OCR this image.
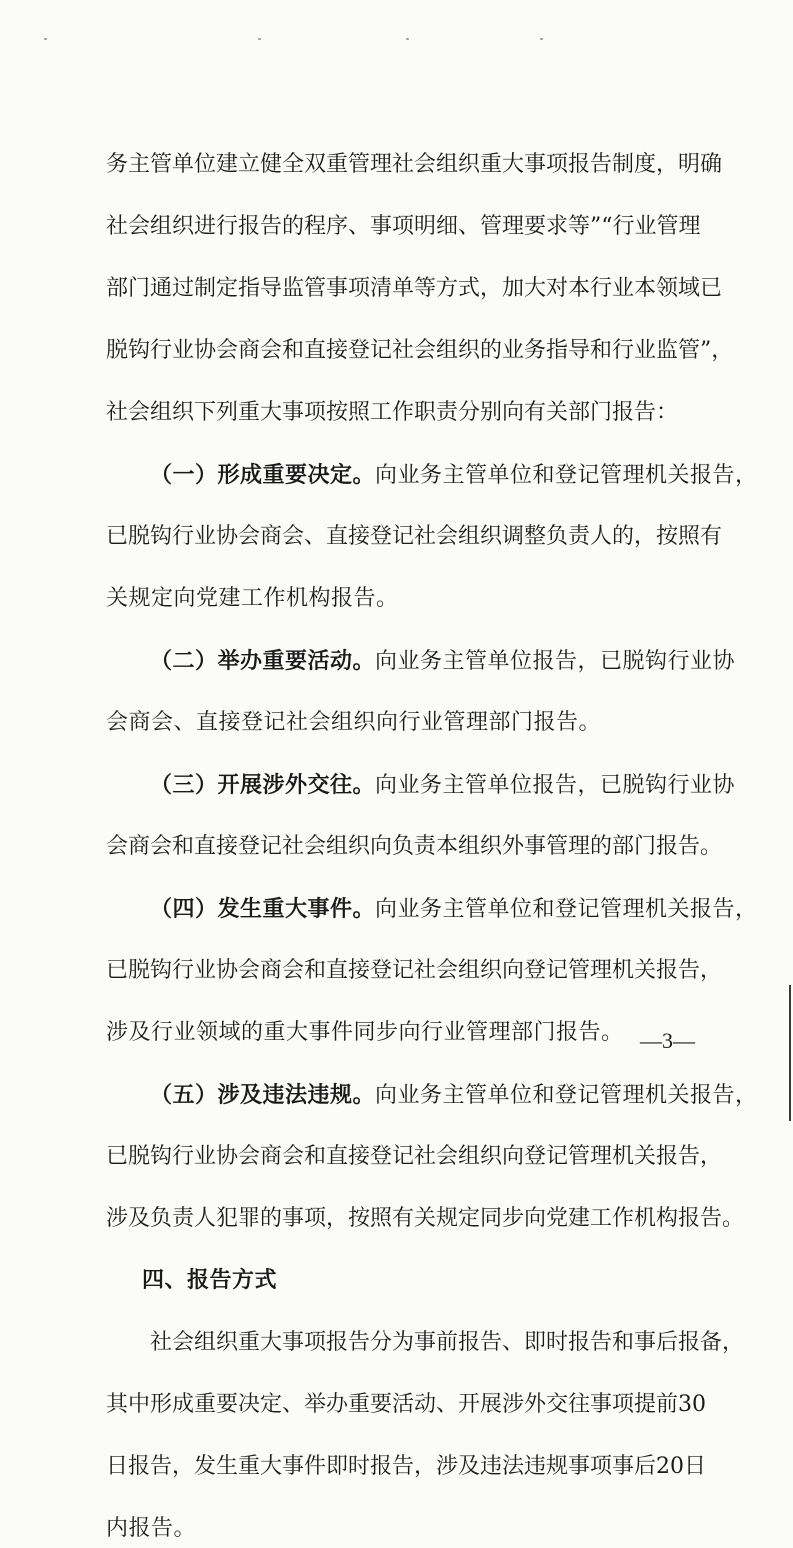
务主管单位建立健全双重管理社会组织重大事项报告制度，明确
社会组织进行报告的程序、事项明细、管理要求等”“行业管理
部门通过制定指导监管事项清单等方式，加大对本行业本领域已
脱钩行业协会商会和直接登记社会组织的业务指导和行业监管”，
社会组织下列重大事项按照工作职责分别向有关部门报告：
（一）形成重要决定。向业务主管单位和登记管理机关报告，
已脱钩行业协会商会、直接登记社会组织调整负责人的，按照有
关规定向党建工作机构报告。
（二）举办重要活动。向业务主管单位报告，已脱钩行业协
会商会、直接登记社会组织向行业管理部门报告。
（三）开展涉外交往。向业务主管单位报告，已脱钩行业协
会商会和直接登记社会组织向负责本组织外事管理的部门报告。
（四）发生重大事件。向业务主管单位和登记管理机关报告，
已脱钩行业协会商会和直接登记社会组织向登记管理机关报告，
涉及行业领域的重大事件同步向行业管理部门报告。
（五）涉及违法违规。向业务主管单位和登记管理机关报告，
已脱钩行业协会商会和直接登记社会组织向登记管理机关报告，
涉及负责人犯罪的事项，按照有关规定同步向党建工作机构报告。
四、报告方式
社会组织重大事项报告分为事前报告、即时报告和事后报备，
其中形成重要决定、举办重要活动、开展涉外交往事项提前30
日报告，发生重大事件即时报告，涉及违法违规事项事后20日
内报告。
—3—
